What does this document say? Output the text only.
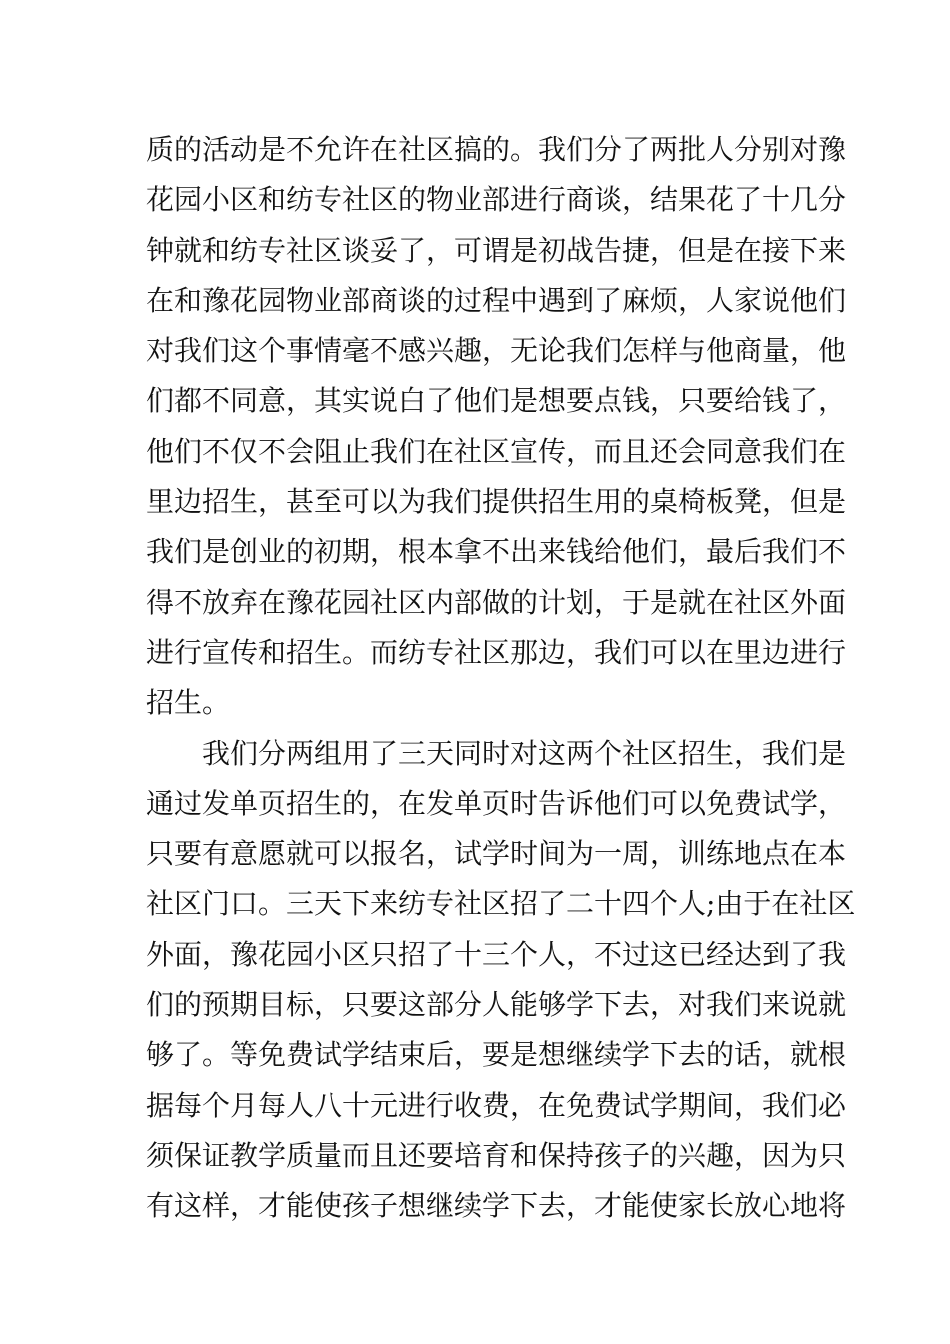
质的活动是不允许在社区搞的。我们分了两批人分别对豫
花园小区和纺专社区的物业部进行商谈，结果花了十几分
钟就和纺专社区谈妥了，可谓是初战告捷，但是在接下来
在和豫花园物业部商谈的过程中遇到了麻烦，人家说他们
对我们这个事情毫不感兴趣，无论我们怎样与他商量，他
们都不同意，其实说白了他们是想要点钱，只要给钱了，
他们不仅不会阻止我们在社区宣传，而且还会同意我们在
里边招生，甚至可以为我们提供招生用的桌椅板凳，但是
我们是创业的初期，根本拿不出来钱给他们，最后我们不
得不放弃在豫花园社区内部做的计划，于是就在社区外面
进行宣传和招生。而纺专社区那边，我们可以在里边进行
招生。
我们分两组用了三天同时对这两个社区招生，我们是
通过发单页招生的，在发单页时告诉他们可以免费试学，
只要有意愿就可以报名，试学时间为一周，训练地点在本
社区门口。三天下来纺专社区招了二十四个人;由于在社区
外面，豫花园小区只招了十三个人，不过这已经达到了我
们的预期目标，只要这部分人能够学下去，对我们来说就
够了。等免费试学结束后，要是想继续学下去的话，就根
据每个月每人八十元进行收费，在免费试学期间，我们必
须保证教学质量而且还要培育和保持孩子的兴趣，因为只
有这样，才能使孩子想继续学下去，才能使家长放心地将
